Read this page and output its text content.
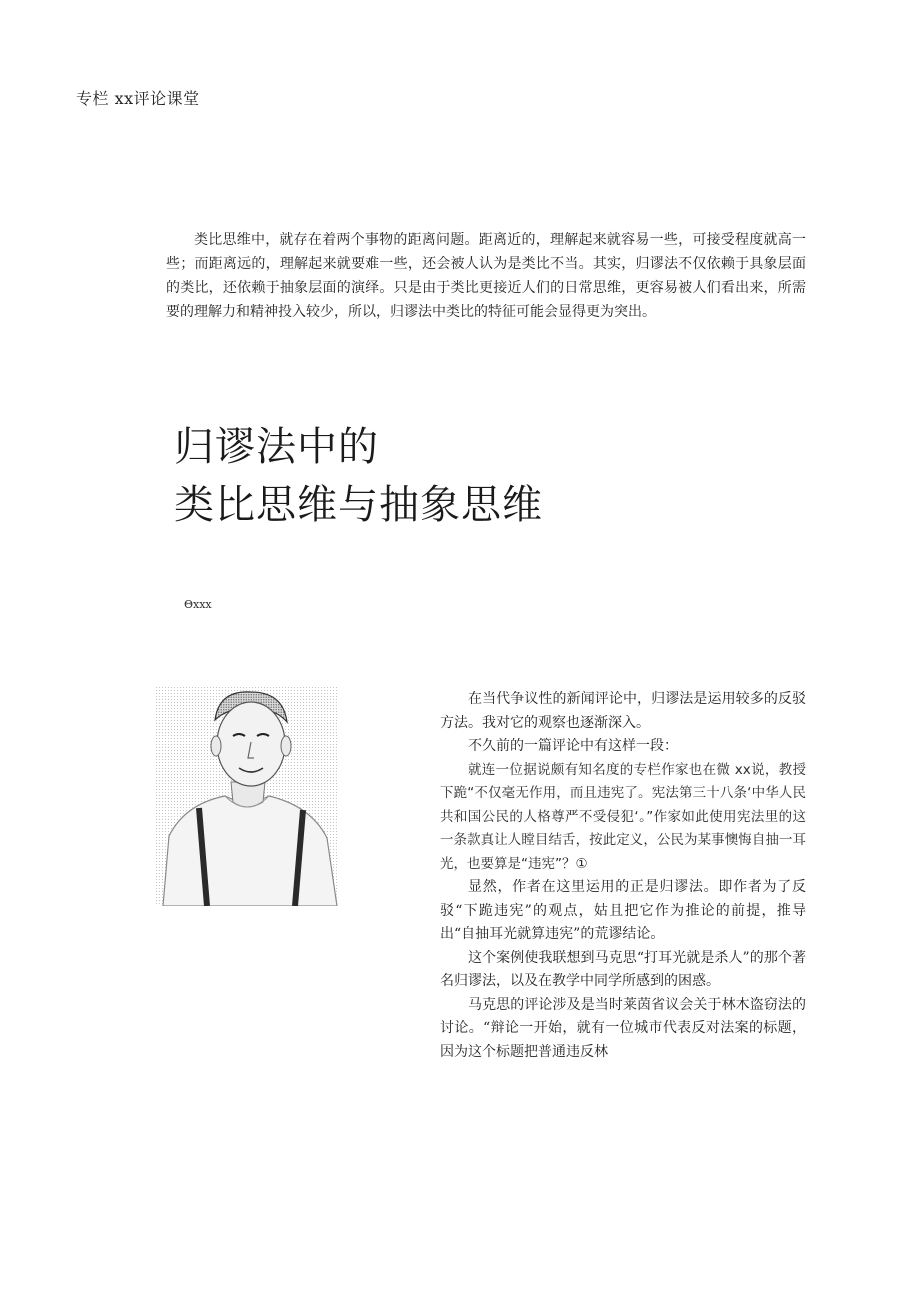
专栏 xx评论课堂

类比思维中，就存在着两个事物的距离问题。距离近的，理解起来就容易一些，可接受程度就高一些；而距离远的，理解起来就要难一些，还会被人认为是类比不当。其实，归谬法不仅依赖于具象层面的类比，还依赖于抽象层面的演绎。只是由于类比更接近人们的日常思维，更容易被人们看出来，所需要的理解力和精神投入较少，所以，归谬法中类比的特征可能会显得更为突出。

归谬法中的
类比思维与抽象思维
Θxxx

在当代争议性的新闻评论中，归谬法是运用较多的反驳方法。我对它的观察也逐渐深入。

不久前的一篇评论中有这样一段：

就连一位据说颇有知名度的专栏作家也在微 xx说，教授下跪“不仅毫无作用，而且违宪了。宪法第三十八条‘中华人民共和国公民的人格尊严不受侵犯‘。”作家如此使用宪法里的这一条款真让人瞠目结舌，按此定义，公民为某事懊悔自抽一耳光，也要算是“违宪”？①

显然，作者在这里运用的正是归谬法。即作者为了反驳“下跪违宪”的观点，姑且把它作为推论的前提，推导出“自抽耳光就算违宪”的荒谬结论。

这个案例使我联想到马克思“打耳光就是杀人”的那个著名归谬法，以及在教学中同学所感到的困惑。

马克思的评论涉及是当时莱茵省议会关于林木盗窃法的讨论。“辩论一开始，就有一位城市代表反对法案的标题，因为这个标题把普通违反林
